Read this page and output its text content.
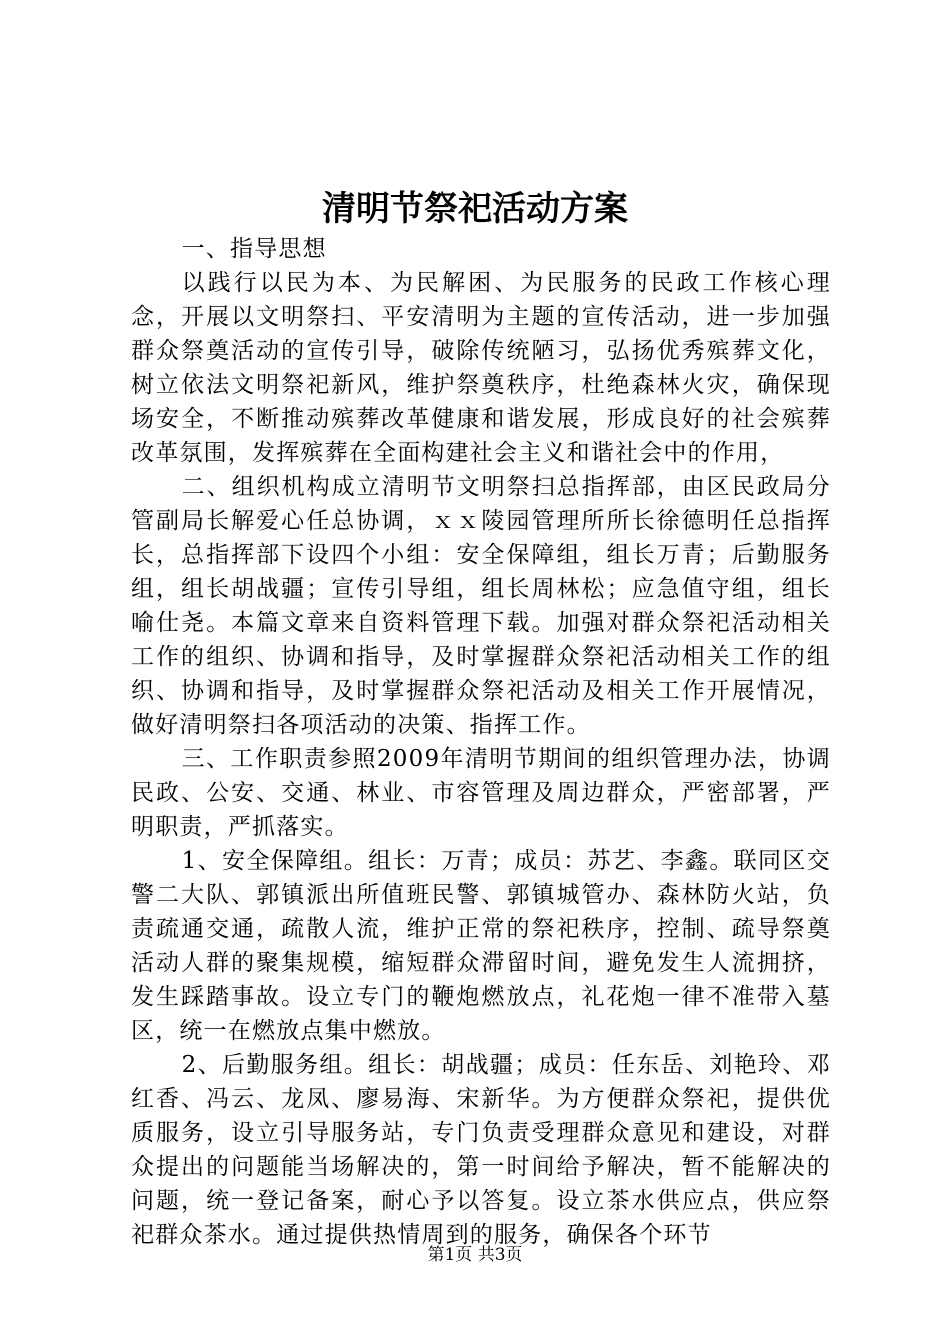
清明节祭祀活动方案

一、指导思想

以践行以民为本、为民解困、为民服务的民政工作核心理念，开展以文明祭扫、平安清明为主题的宣传活动，进一步加强群众祭奠活动的宣传引导，破除传统陋习，弘扬优秀殡葬文化，树立依法文明祭祀新风，维护祭奠秩序，杜绝森林火灾，确保现场安全，不断推动殡葬改革健康和谐发展，形成良好的社会殡葬改革氛围，发挥殡葬在全面构建社会主义和谐社会中的作用，

二、组织机构成立清明节文明祭扫总指挥部，由区民政局分管副局长解爱心任总协调，ｘｘ陵园管理所所长徐德明任总指挥长，总指挥部下设四个小组：安全保障组，组长万青；后勤服务组，组长胡战疆；宣传引导组，组长周林松；应急值守组，组长喻仕尧。本篇文章来自资料管理下载。加强对群众祭祀活动相关工作的组织、协调和指导，及时掌握群众祭祀活动相关工作的组织、协调和指导，及时掌握群众祭祀活动及相关工作开展情况，做好清明祭扫各项活动的决策、指挥工作。

三、工作职责参照2009年清明节期间的组织管理办法，协调民政、公安、交通、林业、市容管理及周边群众，严密部署，严明职责，严抓落实。

1、安全保障组。组长：万青；成员：苏艺、李鑫。联同区交警二大队、郭镇派出所值班民警、郭镇城管办、森林防火站，负责疏通交通，疏散人流，维护正常的祭祀秩序，控制、疏导祭奠活动人群的聚集规模，缩短群众滞留时间，避免发生人流拥挤，发生踩踏事故。设立专门的鞭炮燃放点，礼花炮一律不准带入墓区，统一在燃放点集中燃放。

2、后勤服务组。组长：胡战疆；成员：任东岳、刘艳玲、邓红香、冯云、龙凤、廖易海、宋新华。为方便群众祭祀，提供优质服务，设立引导服务站，专门负责受理群众意见和建设，对群众提出的问题能当场解决的，第一时间给予解决，暂不能解决的问题，统一登记备案，耐心予以答复。设立茶水供应点，供应祭祀群众茶水。通过提供热情周到的服务，确保各个环节

第1页 共3页
